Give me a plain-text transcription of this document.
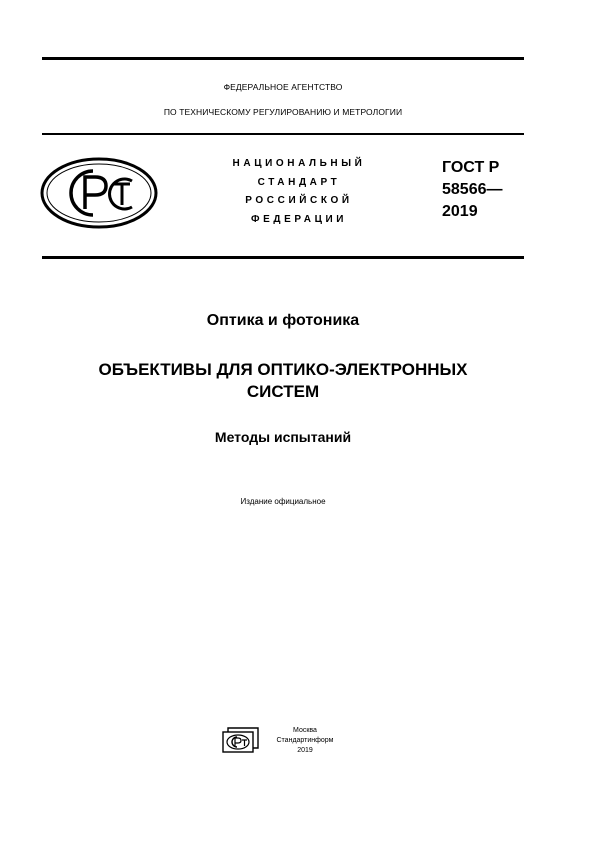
ФЕДЕРАЛЬНОЕ АГЕНТСТВО
ПО ТЕХНИЧЕСКОМУ РЕГУЛИРОВАНИЮ И МЕТРОЛОГИИ
НАЦИОНАЛЬНЫЙ
СТАНДАРТ
РОССИЙСКОЙ
ФЕДЕРАЦИИ
ГОСТ Р
58566—
2019
Оптика и фотоника
ОБЪЕКТИВЫ ДЛЯ ОПТИКО-ЭЛЕКТРОННЫХ
СИСТЕМ
Методы испытаний
Издание официальное
Москва
Стандартинформ
2019
